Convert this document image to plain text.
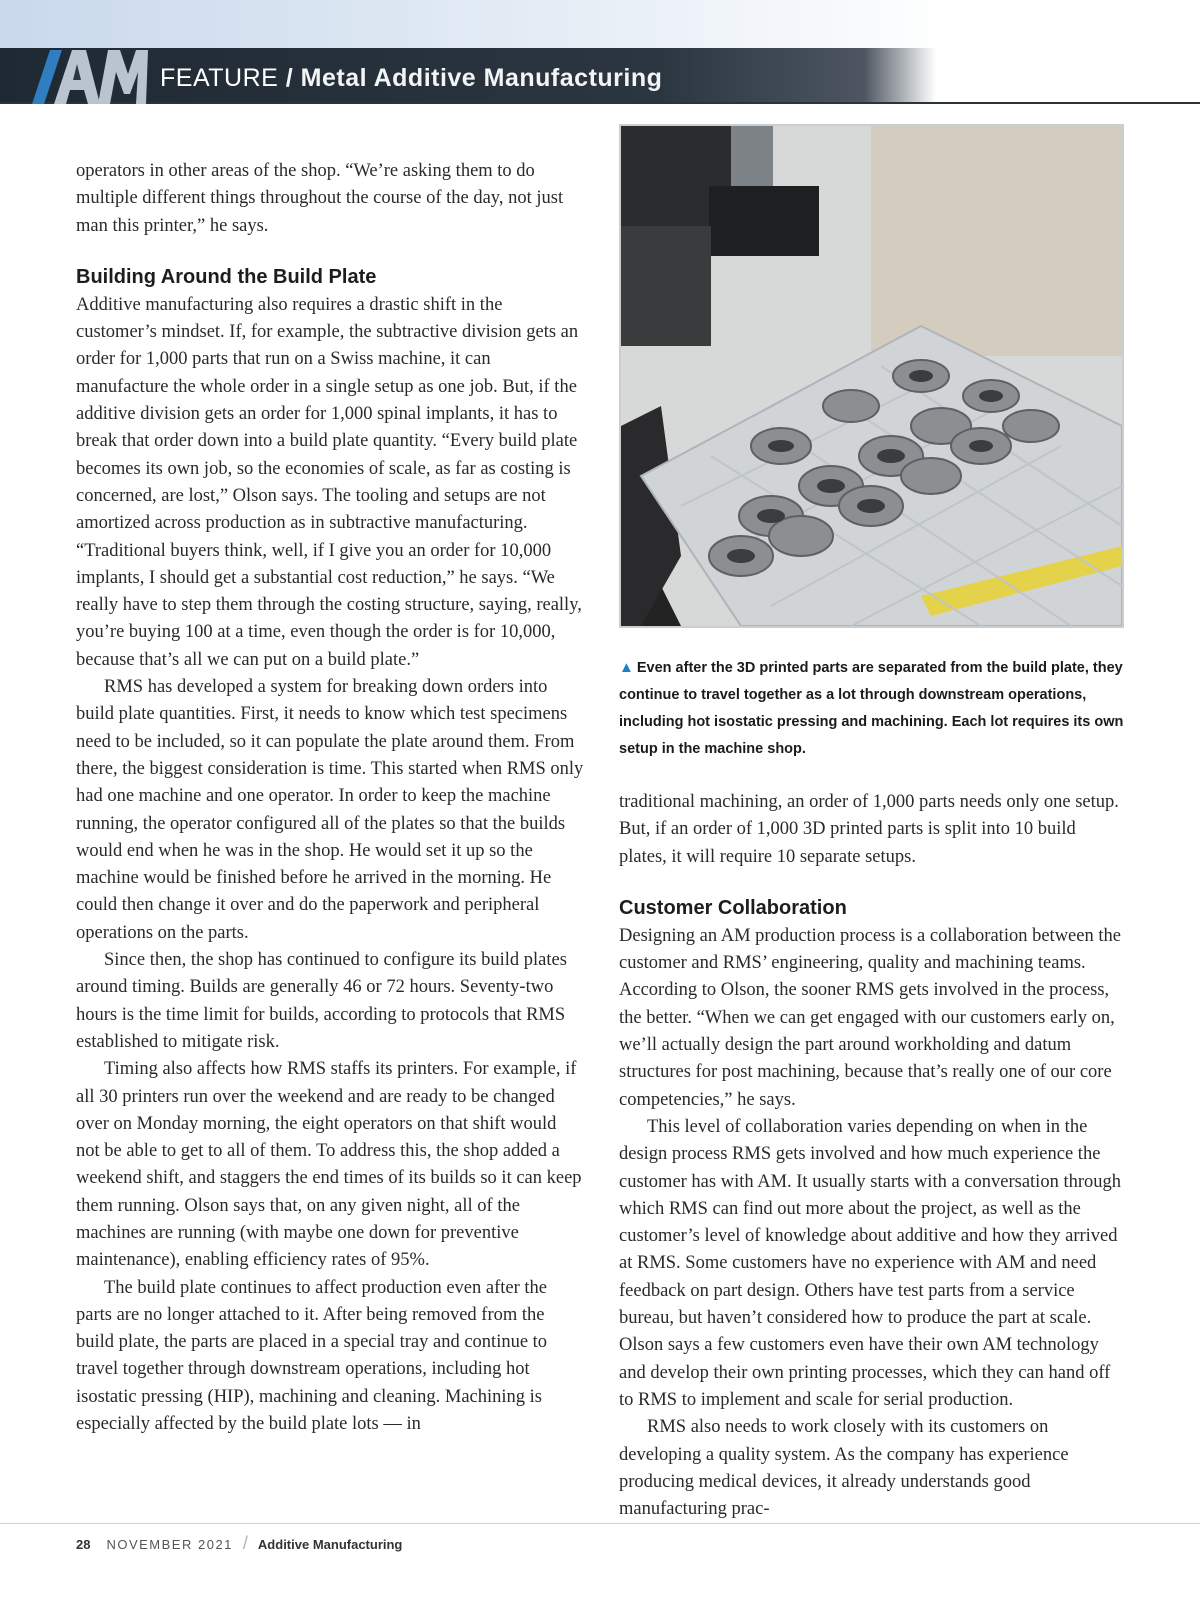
FEATURE / Metal Additive Manufacturing

operators in other areas of the shop. “We’re asking them to do multiple different things throughout the course of the day, not just man this printer,” he says.

Building Around the Build Plate

Additive manufacturing also requires a drastic shift in the customer’s mindset. If, for example, the subtractive division gets an order for 1,000 parts that run on a Swiss machine, it can manufacture the whole order in a single setup as one job. But, if the additive division gets an order for 1,000 spinal implants, it has to break that order down into a build plate quantity. “Every build plate becomes its own job, so the economies of scale, as far as costing is concerned, are lost,” Olson says. The tooling and setups are not amortized across production as in subtractive manufacturing. “Traditional buyers think, well, if I give you an order for 10,000 implants, I should get a substantial cost reduction,” he says. “We really have to step them through the costing structure, saying, really, you’re buying 100 at a time, even though the order is for 10,000, because that’s all we can put on a build plate.”

RMS has developed a system for breaking down orders into build plate quantities. First, it needs to know which test specimens need to be included, so it can populate the plate around them. From there, the biggest consideration is time. This started when RMS only had one machine and one operator. In order to keep the machine running, the operator configured all of the plates so that the builds would end when he was in the shop. He would set it up so the machine would be finished before he arrived in the morning. He could then change it over and do the paperwork and peripheral operations on the parts.

Since then, the shop has continued to configure its build plates around timing. Builds are generally 46 or 72 hours. Seventy-two hours is the time limit for builds, according to protocols that RMS established to mitigate risk.

Timing also affects how RMS staffs its printers. For example, if all 30 printers run over the weekend and are ready to be changed over on Monday morning, the eight operators on that shift would not be able to get to all of them. To address this, the shop added a weekend shift, and staggers the end times of its builds so it can keep them running. Olson says that, on any given night, all of the machines are running (with maybe one down for preventive maintenance), enabling efficiency rates of 95%.

The build plate continues to affect production even after the parts are no longer attached to it. After being removed from the build plate, the parts are placed in a special tray and continue to travel together through downstream operations, including hot isostatic pressing (HIP), machining and cleaning. Machining is especially affected by the build plate lots — in

▲ Even after the 3D printed parts are separated from the build plate, they continue to travel together as a lot through downstream operations, including hot isostatic pressing and machining. Each lot requires its own setup in the machine shop.

traditional machining, an order of 1,000 parts needs only one setup. But, if an order of 1,000 3D printed parts is split into 10 build plates, it will require 10 separate setups.

Customer Collaboration

Designing an AM production process is a collaboration between the customer and RMS’ engineering, quality and machining teams. According to Olson, the sooner RMS gets involved in the process, the better. “When we can get engaged with our customers early on, we’ll actually design the part around workholding and datum structures for post machining, because that’s really one of our core competencies,” he says.

This level of collaboration varies depending on when in the design process RMS gets involved and how much experience the customer has with AM. It usually starts with a conversation through which RMS can find out more about the project, as well as the customer’s level of knowledge about additive and how they arrived at RMS. Some customers have no experience with AM and need feedback on part design. Others have test parts from a service bureau, but haven’t considered how to produce the part at scale. Olson says a few customers even have their own AM technology and develop their own printing processes, which they can hand off to RMS to implement and scale for serial production.

RMS also needs to work closely with its customers on developing a quality system. As the company has experience producing medical devices, it already understands good manufacturing prac-

28 NOVEMBER 2021 / Additive Manufacturing
